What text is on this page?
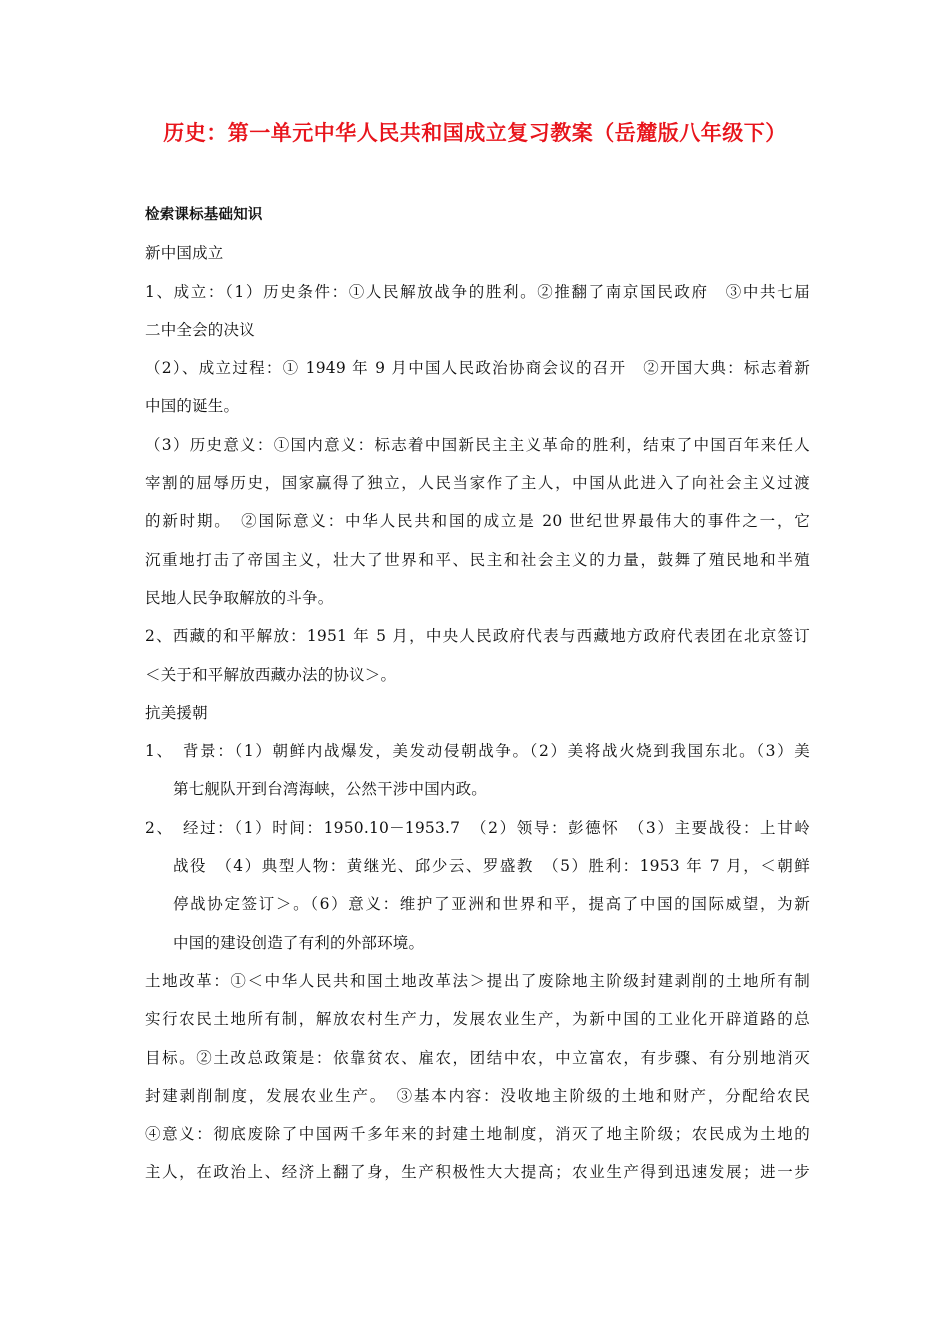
历史：第一单元中华人民共和国成立复习教案（岳麓版八年级下）
检索课标基础知识
新中国成立
1、成立：（1）历史条件：①人民解放战争的胜利。②推翻了南京国民政府　③中共七届
二中全会的决议
（2）、成立过程：① 1949 年 9 月中国人民政治协商会议的召开　②开国大典：标志着新
中国的诞生。
（3）历史意义：①国内意义：标志着中国新民主主义革命的胜利，结束了中国百年来任人
宰割的屈辱历史，国家赢得了独立，人民当家作了主人，中国从此进入了向社会主义过渡
的新时期。　②国际意义：中华人民共和国的成立是 20 世纪世界最伟大的事件之一，它
沉重地打击了帝国主义，壮大了世界和平、民主和社会主义的力量，鼓舞了殖民地和半殖
民地人民争取解放的斗争。
2、西藏的和平解放：1951 年 5 月，中央人民政府代表与西藏地方政府代表团在北京签订
＜关于和平解放西藏办法的协议＞。
抗美援朝
1、　背景：（1）朝鲜内战爆发，美发动侵朝战争。（2）美将战火烧到我国东北。（3）美
第七舰队开到台湾海峡，公然干涉中国内政。
2、　经过：（1）时间：1950.10－1953.7　（2）领导：彭德怀　（3）主要战役：上甘岭
战役　（4）典型人物：黄继光、邱少云、罗盛教　（5）胜利：1953 年 7 月，＜朝鲜
停战协定签订＞。（6）意义：维护了亚洲和世界和平，提高了中国的国际威望，为新
中国的建设创造了有利的外部环境。
土地改革：①＜中华人民共和国土地改革法＞提出了废除地主阶级封建剥削的土地所有制
实行农民土地所有制，解放农村生产力，发展农业生产，为新中国的工业化开辟道路的总
目标。②土改总政策是：依靠贫农、雇农，团结中农，中立富农，有步骤、有分别地消灭
封建剥削制度，发展农业生产。　③基本内容：没收地主阶级的土地和财产，分配给农民
④意义：彻底废除了中国两千多年来的封建土地制度，消灭了地主阶级；农民成为土地的
主人，在政治上、经济上翻了身，生产积极性大大提高；农业生产得到迅速发展；进一步
